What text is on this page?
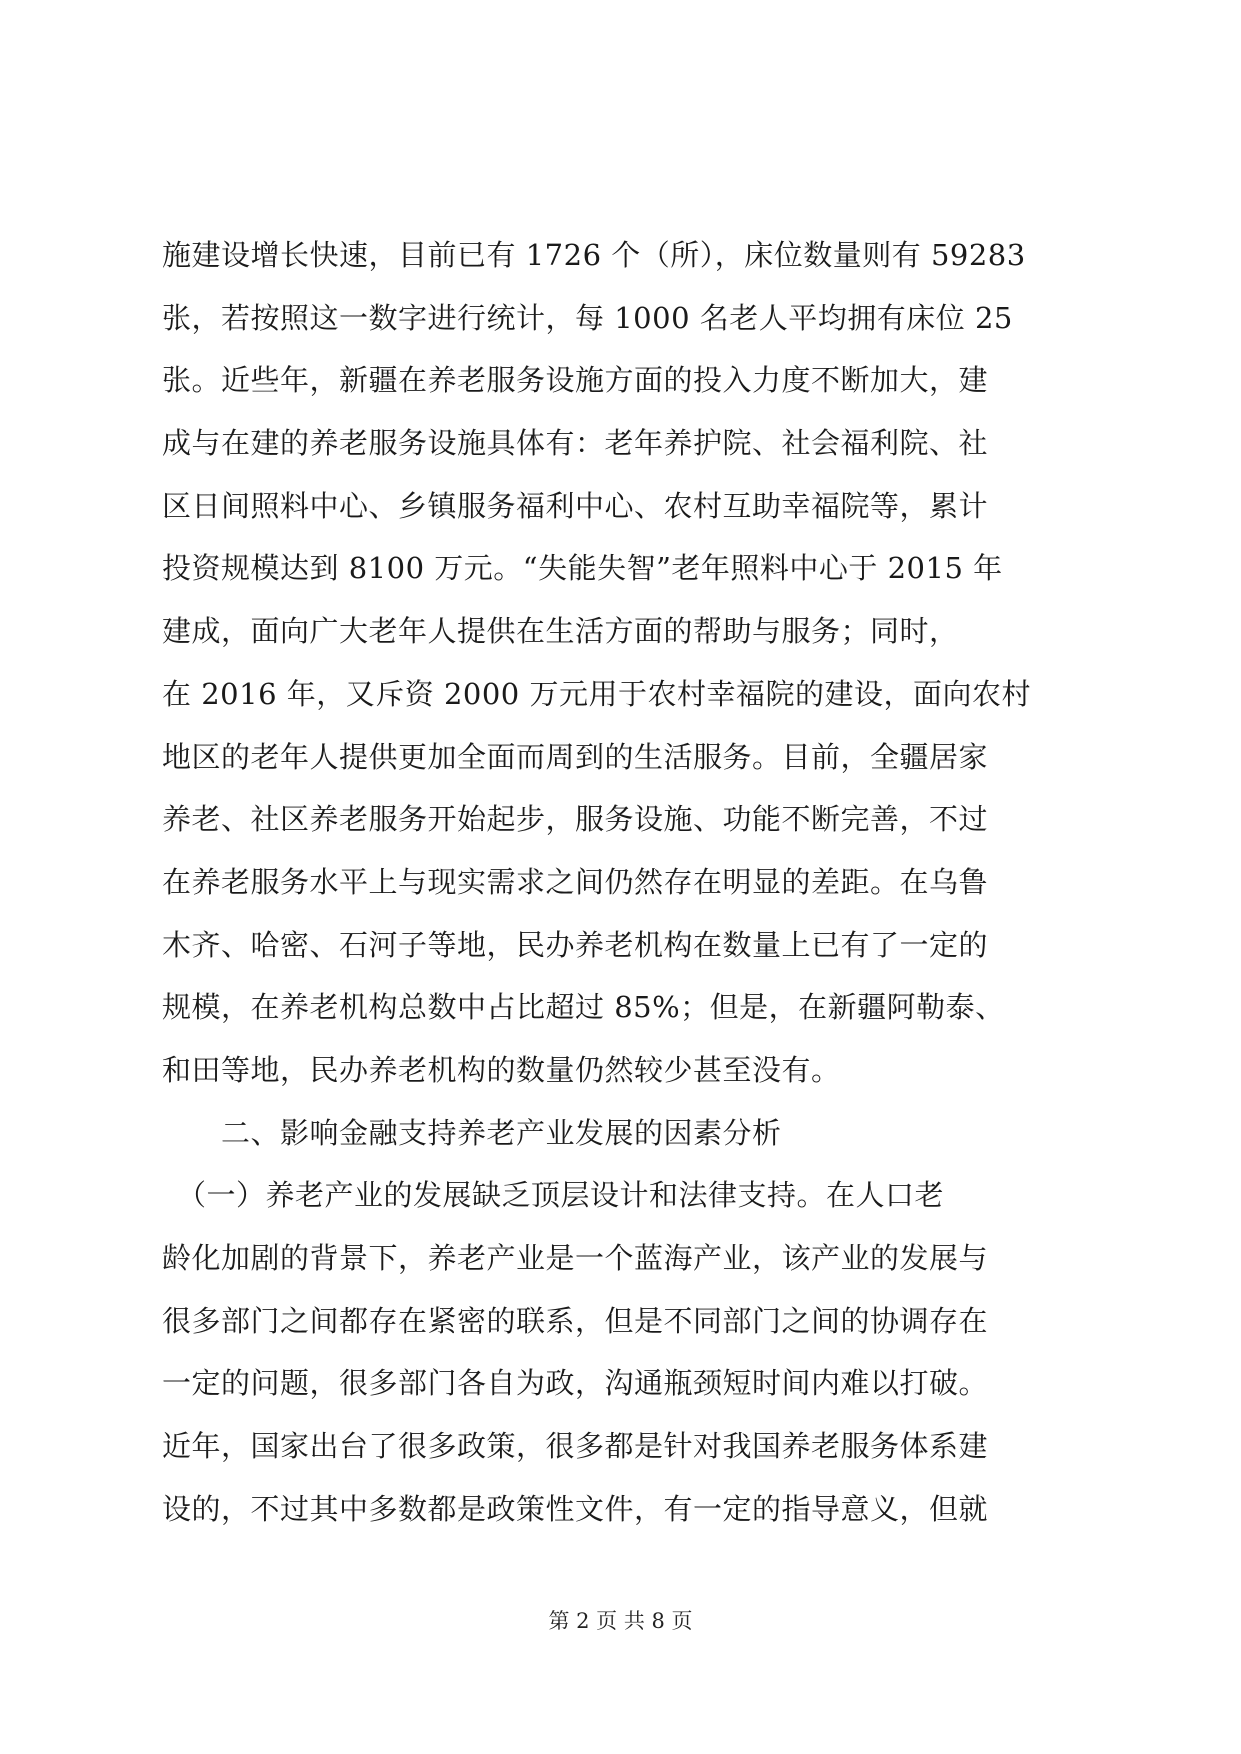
施建设增长快速，目前已有 1726 个（所），床位数量则有 59283
张，若按照这一数字进行统计，每 1000 名老人平均拥有床位 25
张。近些年，新疆在养老服务设施方面的投入力度不断加大，建
成与在建的养老服务设施具体有：老年养护院、社会福利院、社
区日间照料中心、乡镇服务福利中心、农村互助幸福院等，累计
投资规模达到 8100 万元。“失能失智”老年照料中心于 2015 年
建成，面向广大老年人提供在生活方面的帮助与服务；同时，
在 2016 年，又斥资 2000 万元用于农村幸福院的建设，面向农村
地区的老年人提供更加全面而周到的生活服务。目前，全疆居家
养老、社区养老服务开始起步，服务设施、功能不断完善，不过
在养老服务水平上与现实需求之间仍然存在明显的差距。在乌鲁
木齐、哈密、石河子等地，民办养老机构在数量上已有了一定的
规模，在养老机构总数中占比超过 85%；但是，在新疆阿勒泰、
和田等地，民办养老机构的数量仍然较少甚至没有。
　　二、影响金融支持养老产业发展的因素分析
　（一）养老产业的发展缺乏顶层设计和法律支持。在人口老
龄化加剧的背景下，养老产业是一个蓝海产业，该产业的发展与
很多部门之间都存在紧密的联系，但是不同部门之间的协调存在
一定的问题，很多部门各自为政，沟通瓶颈短时间内难以打破。
近年，国家出台了很多政策，很多都是针对我国养老服务体系建
设的，不过其中多数都是政策性文件，有一定的指导意义，但就
第 2 页 共 8 页
